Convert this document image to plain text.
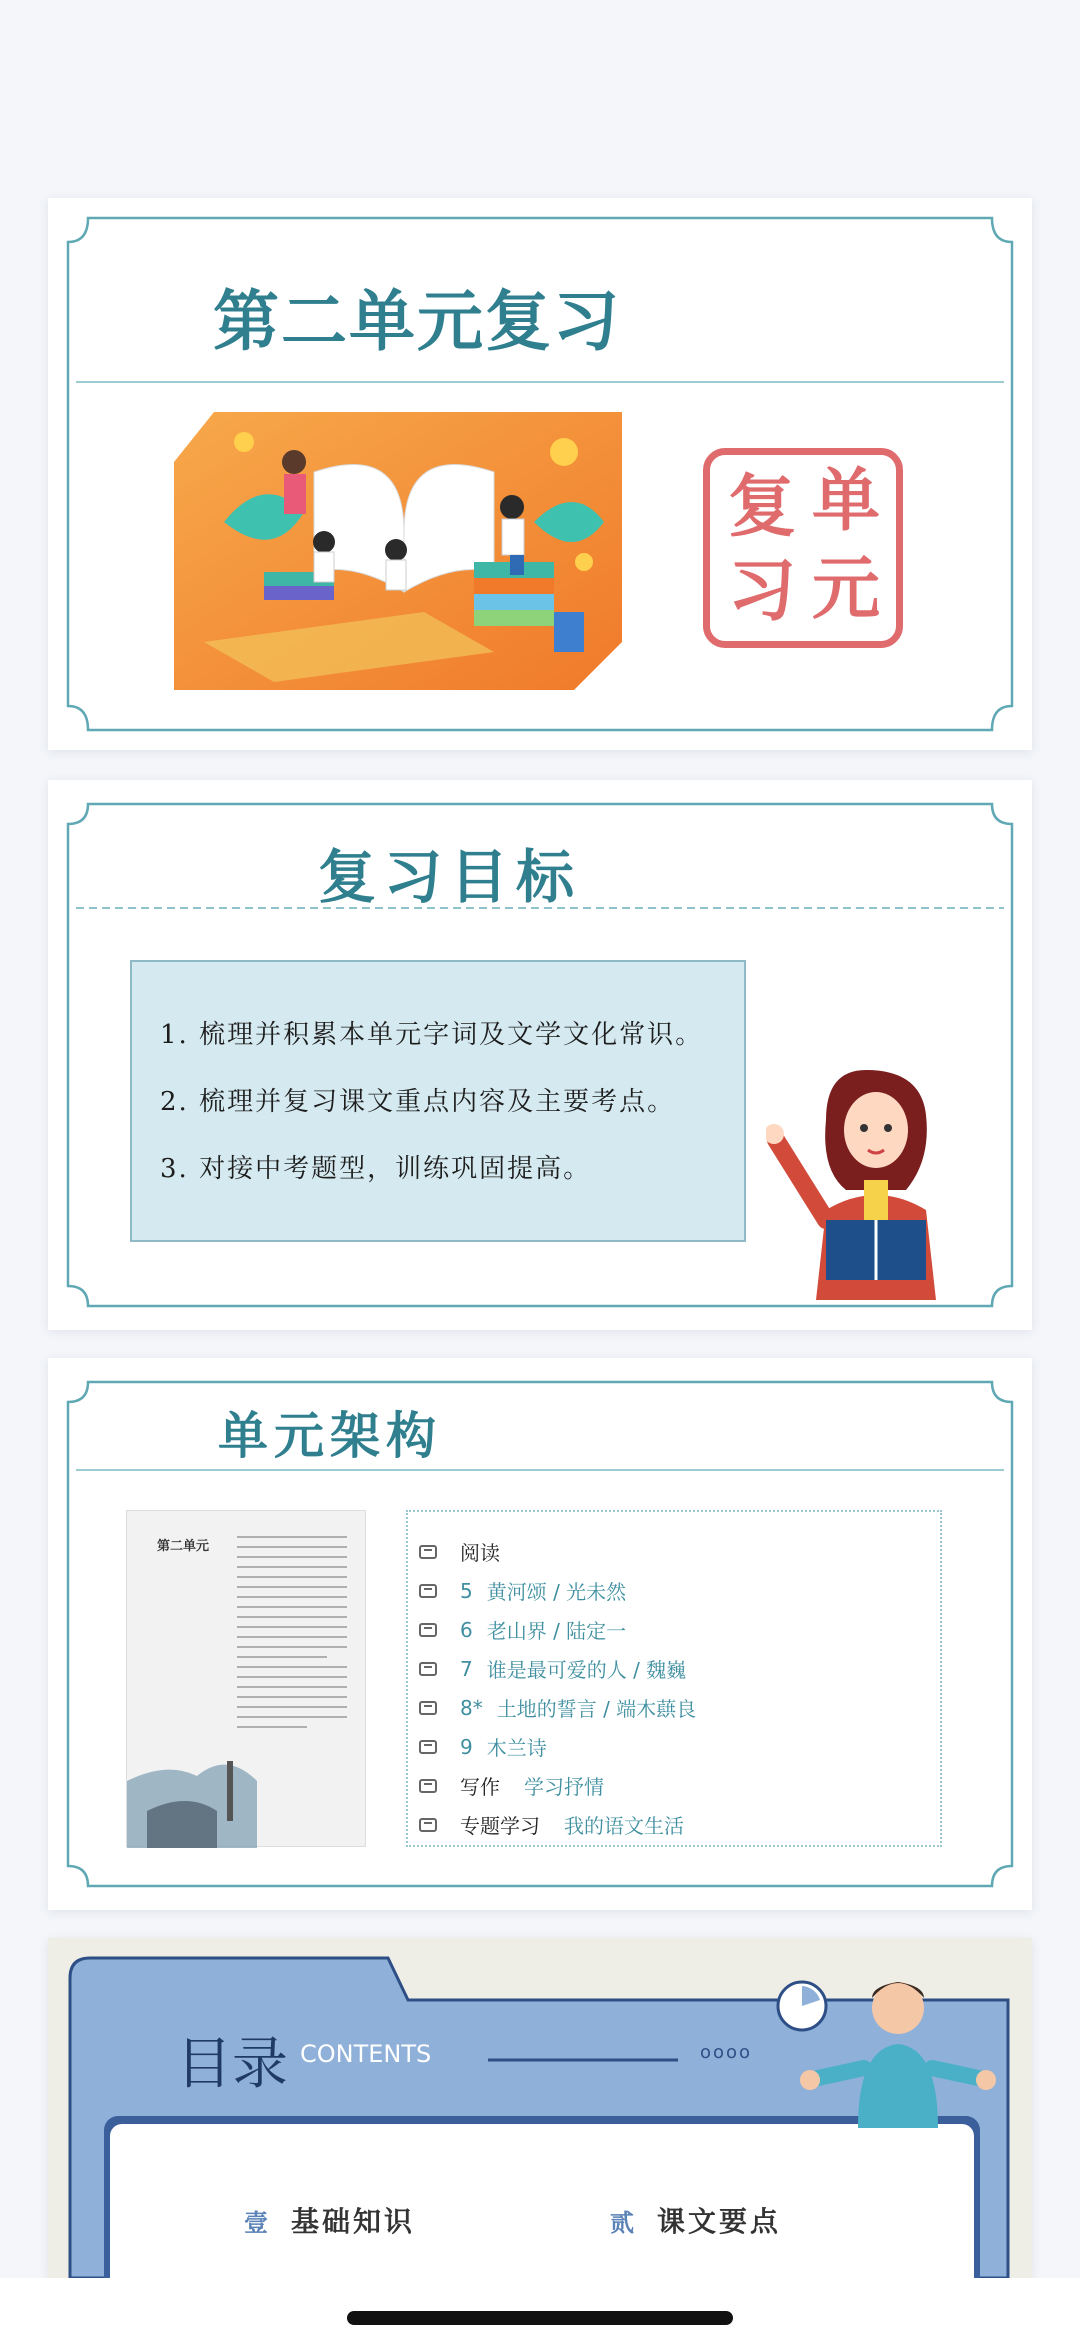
第二单元复习
复 单
习 元
复习目标
1. 梳理并积累本单元字词及文学文化常识。
2. 梳理并复习课文重点内容及主要考点。
3. 对接中考题型，训练巩固提高。
单元架构
第二单元	阅读
5 黄河颂 / 光未然
6 老山界 / 陆定一
7 谁是最可爱的人 / 魏巍
8* 土地的誓言 / 端木蕻良
9 木兰诗
写作 学习抒情
专题学习 我的语文生活
目录 CONTENTS	oooo
壹 基础知识	贰 课文要点
